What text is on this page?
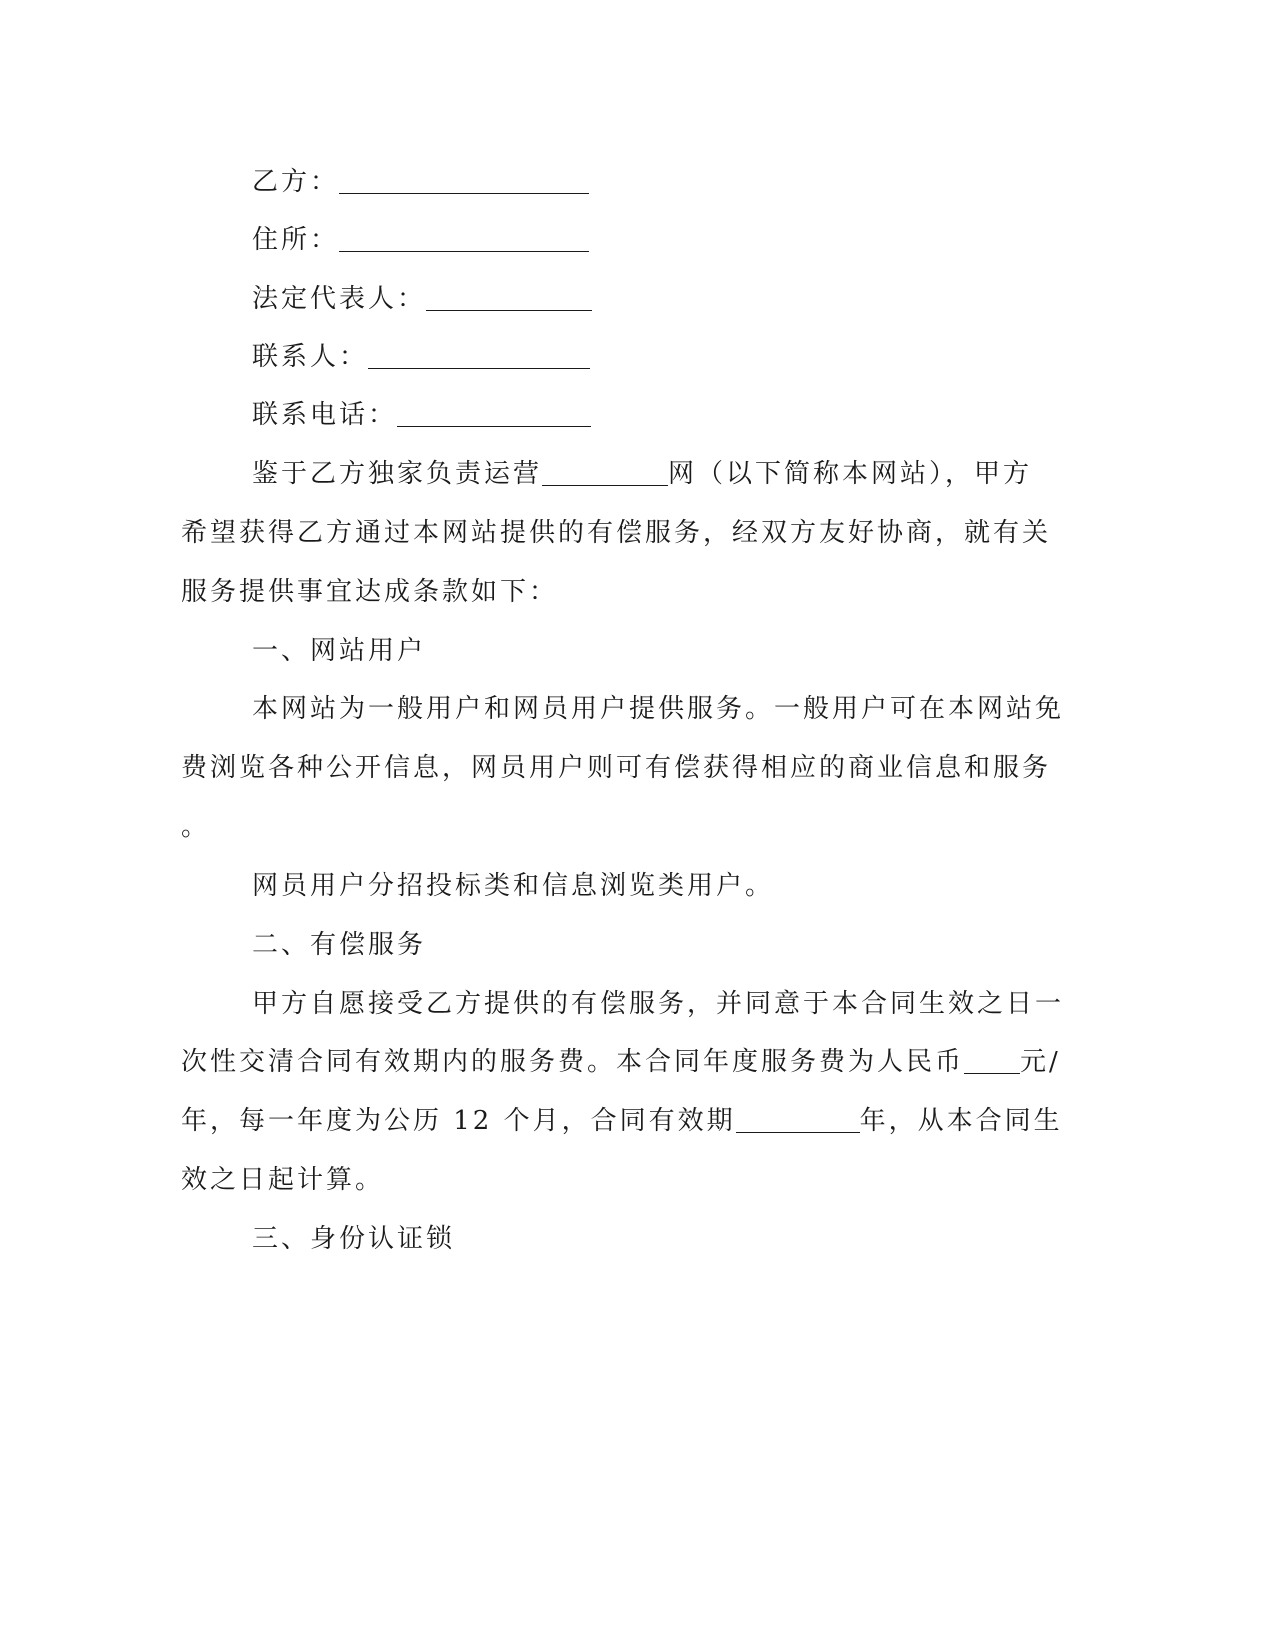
乙方：
住所：
法定代表人：
联系人：
联系电话：
鉴于乙方独家负责运营	网（以下简称本网站），甲方
希望获得乙方通过本网站提供的有偿服务，经双方友好协商，就有关
服务提供事宜达成条款如下：
一、网站用户
本网站为一般用户和网员用户提供服务。一般用户可在本网站免
费浏览各种公开信息，网员用户则可有偿获得相应的商业信息和服务
。
网员用户分招投标类和信息浏览类用户。
二、有偿服务
甲方自愿接受乙方提供的有偿服务，并同意于本合同生效之日一
次性交清合同有效期内的服务费。本合同年度服务费为人民币 元/
年，每一年度为公历 12 个月，合同有效期	年，从本合同生
效之日起计算。
三、身份认证锁
